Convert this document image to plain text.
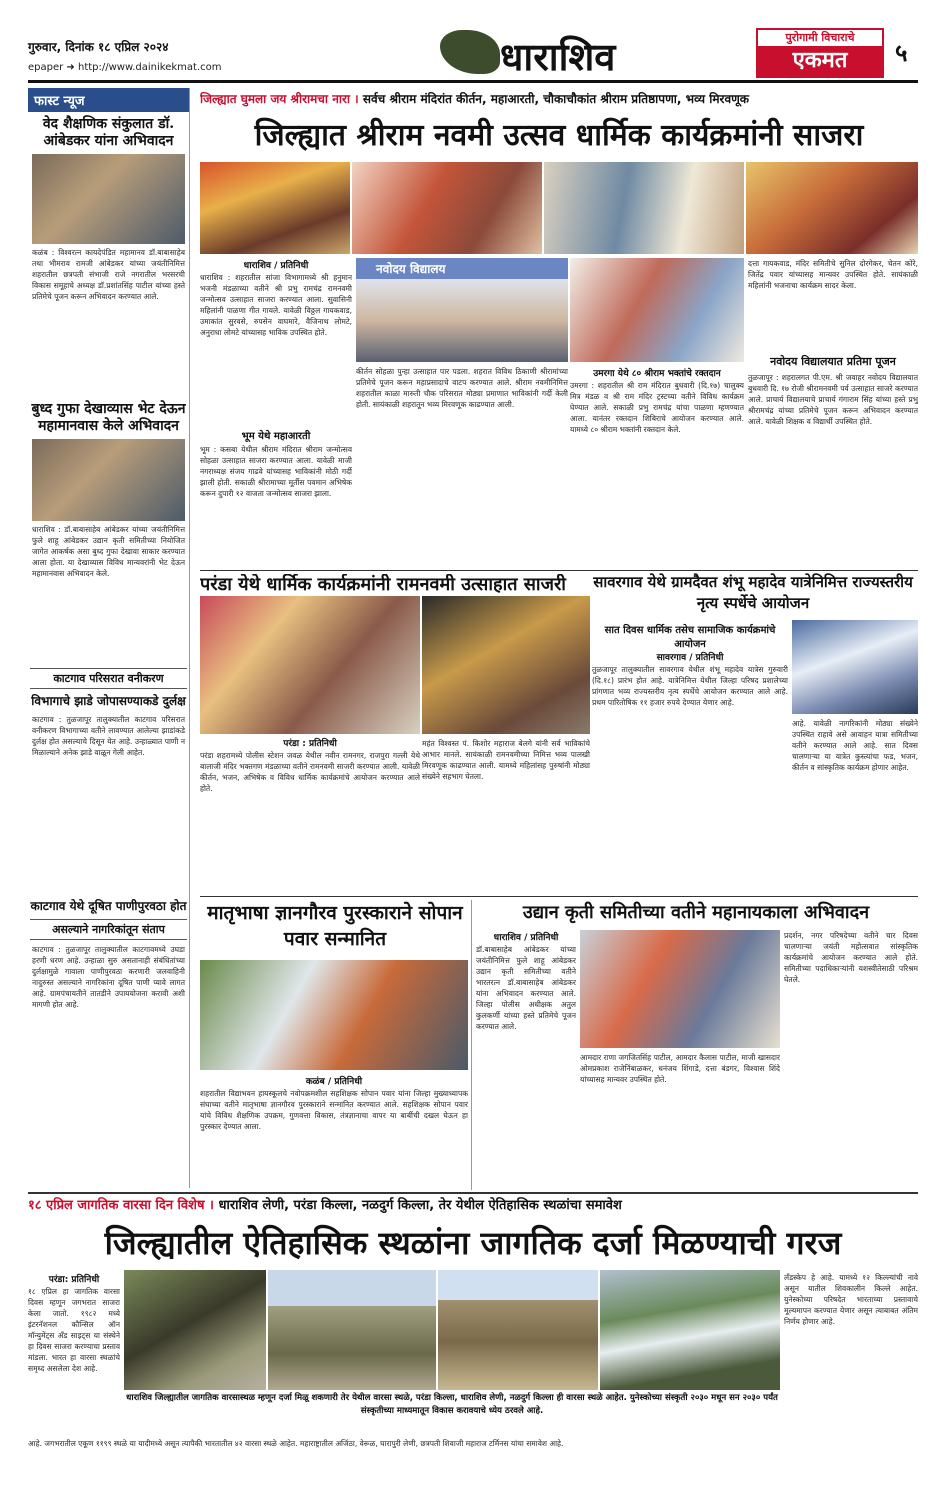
गुरुवार, दिनांक १८ एप्रिल २०२४
epaper ➜ http://www.dainikekmat.com	धाराशिव	पुरोगामी विचाराचे
एकमत	५
फास्ट न्यूज
वेद शैक्षणिक संकुलात डॉ. आंबेडकर यांना अभिवादन
कळंब : विश्वरत्न कायदेपंडित महामानव डॉ.बाबासाहेब तथा भीमराव रामजी आंबेडकर यांच्या जयंतीनिमित्त शहरातील छत्रपती संभाजी राजे नगरातील भरसरची विकास समूहाचे अध्यक्ष डॉ.प्रशांतसिंह पाटील यांच्या हस्ते प्रतिमेचे पूजन करून अभिवादन करण्यात आले.
बुध्द गुफा देखाव्यास भेट देऊन महामानवास केले अभिवादन
धाराशिव : डॉ.बाबासाहेब आंबेडकर यांच्या जयंतीनिमित्त फुले शाहू आंबेडकर उद्यान कृती समितीच्या नियोजित जागेत आकर्षक असा बुध्द गुफा देखावा साकार करण्यात आला होता. या देखाव्यास विविध मान्यवरांनी भेट देऊन महामानवास अभिवादन केले.
काटगाव परिसरात वनीकरण
विभागाचे झाडे जोपासण्याकडे दुर्लक्ष
काटगाव : तुळजापूर तालुक्यातील काटगाव परिसरात वनीकरण विभागाच्या वतीने लावण्यात आलेल्या झाडांकडे दुर्लक्ष होत असल्याचे दिसून येत आहे. उन्हाळ्यात पाणी न मिळाल्याने अनेक झाडे वाळून गेली आहेत.
काटगाव येथे दूषित पाणीपुरवठा होत
असल्याने नागरिकांतून संताप
काटगाव : तुळजापूर तालुक्यातील काटगावमध्ये उघडा हरणी धरण आहे. उन्हाळा सुरु असतानाही संबंधितांच्या दुर्लक्षामुळे गावाला पाणीपुरवठा करणारी जलवाहिनी नादुरुस्त असल्याने नागरिकांना दूषित पाणी प्यावे लागत आहे. ग्रामपंचायतीने तातडीने उपाययोजना करावी अशी मागणी होत आहे.
जिल्ह्यात घुमला जय श्रीरामचा नारा । सर्वच श्रीराम मंदिरांत कीर्तन, महाआरती, चौकाचौकांत श्रीराम प्रतिष्ठापणा, भव्य मिरवणूक
जिल्ह्यात श्रीराम नवमी उत्सव धार्मिक कार्यक्रमांनी साजरा
धाराशिव / प्रतिनिधी
धाराशिव : शहरातील सांजा विभागामध्ये श्री हनुमान भजनी मंडळाच्या वतीने श्री प्रभु रामचंद्र रामनवमी जन्मोत्सव उत्साहात साजरा करण्यात आला. सुवासिनी महिलांनी पाळणा गीत गायले. यावेळी विठ्ठल गायकवाड, उमाकांत सुरवसे, रुपसेन वाघमारे, वैजिनाथ लोमटे, अनुराधा लोमटे यांच्यासह भाविक उपस्थित होते.
भूम येथे महाआरती
भूम : कसबा येथील श्रीराम मंदिरात श्रीराम जन्मोत्सव सोहळा उत्साहात साजरा करण्यात आला. यावेळी माजी नगराध्यक्ष संजय गाढवे यांच्यासह भाविकांनी मोठी गर्दी झाली होती. सकाळी श्रीरामाच्या मूर्तीस पवमान अभिषेक करून दुपारी १२ वाजता जन्मोत्सव साजरा झाला.
नवोदय विद्यालय
कीर्तन सोहळा पुन्हा उत्साहात पार पडला. शहरात विविध ठिकाणी श्रीरामांच्या प्रतिमेचे पूजन करून महाप्रसादाचे वाटप करण्यात आले. श्रीराम नवमीनिमित्त शहरातील काळा मारुती चौक परिसरात मोठ्या प्रमाणात भाविकांनी गर्दी केली होती. सायंकाळी शहरातून भव्य मिरवणूक काढण्यात आली.
उमरगा येथे ८० श्रीराम भक्तांचे रक्तदान
उमरगा : शहरातील श्री राम मंदिरात बुधवारी (दि.१७) चालुक्य मित्र मंडळ व श्री राम मंदिर ट्रस्टच्या वतीने विविध कार्यक्रम घेण्यात आले. सकाळी प्रभु रामचंद्र यांचा पाळणा म्हणण्यात आला. यानंतर रक्तदान शिबिराचे आयोजन करण्यात आले. यामध्ये ८० श्रीराम भक्तांनी रक्तदान केले.
दत्ता गायकवाड, मंदिर समितीचे सुनिल दोरगेकर, चेतन कोरे, जितेंद्र पवार यांच्यासह मान्यवर उपस्थित होते. सायंकाळी महिलांनी भजनाचा कार्यक्रम सादर केला.
नवोदय विद्यालयात प्रतिमा पूजन
तुळजापूर : शहरालगत पी.एम. श्री जवाहर नवोदय विद्यालयात बुधवारी दि. १७ रोजी श्रीरामनवमी पर्व उत्साहात साजरे करण्यात आले. प्राचार्य विद्यालयाचे प्राचार्य गंगाराम सिंह यांच्या हस्ते प्रभु श्रीरामचंद्र यांच्या प्रतिमेचे पूजन करून अभिवादन करण्यात आले. यावेळी शिक्षक व विद्यार्थी उपस्थित होते.
परंडा येथे धार्मिक कार्यक्रमांनी रामनवमी उत्साहात साजरी
परंडा : प्रतिनिधी
परंडा शहरामध्ये पोलीस स्टेशन जवळ येथील नवीन रामनगर, राजपुरा गल्ली येथे बालाजी मंदिर भक्तगण मंडळाच्या वतीने रामनवमी साजरी करण्यात आली. यावेळी कीर्तन, भजन, अभिषेक व विविध धार्मिक कार्यक्रमांचे आयोजन करण्यात आले होते.
महंत विश्वस्त पं. किशोर महाराज बेलगे यांनी सर्व भाविकांचे आभार मानले. सायंकाळी रामनवमीच्या निमित्त भव्य पालखी मिरवणूक काढण्यात आली. यामध्ये महिलांसह पुरुषांनी मोठ्या संख्येने सहभाग घेतला.
सावरगाव येथे ग्रामदैवत शंभू महादेव यात्रेनिमित्त राज्यस्तरीय नृत्य स्पर्धेचे आयोजन
सात दिवस धार्मिक तसेच सामाजिक कार्यक्रमांचे आयोजन
सावरगाव / प्रतिनिधी
तुळजापूर तालुक्यातील सावरगाव येथील शंभू महादेव यात्रेस गुरुवारी (दि.१८) प्रारंभ होत आहे. यात्रेनिमित्त येथील जिल्हा परिषद प्रशालेच्या प्रांगणात भव्य राज्यस्तरीय नृत्य स्पर्धेचे आयोजन करण्यात आले आहे. प्रथम पारितोषिक ११ हजार रुपये देण्यात येणार आहे.
आहे. यावेळी नागरिकांनी मोठ्या संख्येने उपस्थित राहावे असे आवाहन यात्रा समितीच्या वतीने करण्यात आले आहे. सात दिवस चालणाऱ्या या यात्रेत कुस्त्यांचा फड, भजन, कीर्तन व सांस्कृतिक कार्यक्रम होणार आहेत.
मातृभाषा ज्ञानगौरव पुरस्काराने सोपान पवार सन्मानित
कळंब / प्रतिनिधी
शहरातील विद्याभवन हायस्कूलचे नवोपक्रमशील सहशिक्षक सोपान पवार यांना जिल्हा मुख्याध्यापक संघाच्या वतीने मातृभाषा ज्ञानगौरव पुरस्काराने सन्मानित करण्यात आले. सहशिक्षक सोपान पवार यांचे विविध शैक्षणिक उपक्रम, गुणवत्ता विकास, तंत्रज्ञानाचा वापर या बाबींची दखल घेऊन हा पुरस्कार देण्यात आला.
उद्यान कृती समितीच्या वतीने महानायकाला अभिवादन
धाराशिव / प्रतिनिधी
डॉ.बाबासाहेब आंबेडकर यांच्या जयंतीनिमित्त फुले शाहू आंबेडकर उद्यान कृती समितीच्या वतीने भारतरत्न डॉ.बाबासाहेब आंबेडकर यांना अभिवादन करण्यात आले. जिल्हा पोलीस अधीक्षक अतुल कुलकर्णी यांच्या हस्ते प्रतिमेचे पूजन करण्यात आले.
आमदार राणा जगजितसिंह पाटील, आमदार कैलास पाटील, माजी खासदार ओमप्रकाश राजेनिंबाळकर, धनंजय शिंगाडे, दत्ता बंडगर, विश्वास शिंदे यांच्यासह मान्यवर उपस्थित होते.
प्रदर्शन, नगर परिषदेच्या वतीने चार दिवस चालणाऱ्या जयंती महोत्सवात सांस्कृतिक कार्यक्रमांचे आयोजन करण्यात आले होते. समितीच्या पदाधिकाऱ्यांनी यशस्वीतेसाठी परिश्रम घेतले.
१८ एप्रिल जागतिक वारसा दिन विशेष । धाराशिव लेणी, परंडा किल्ला, नळदुर्ग किल्ला, तेर येथील ऐतिहासिक स्थळांचा समावेश
जिल्ह्यातील ऐतिहासिक स्थळांना जागतिक दर्जा मिळण्याची गरज
परंडा: प्रतिनिधी
१८ एप्रिल हा जागतिक वारसा दिवस म्हणून जगभरात साजरा केला जातो. १९८२ मध्ये इंटरनॅशनल कौन्सिल ऑन मॉन्युमेंट्स अँड साइट्स या संस्थेने हा दिवस साजरा करण्याचा प्रस्ताव मांडला. भारत हा वारसा स्थळांचे समृध्द असलेला देश आहे.
लँडस्केप हे आहे. यामध्ये १२ किल्ल्यांची नावे असून यातील शिवकालीन किल्ले आहेत. युनेस्कोच्या परिषदेत भारताच्या प्रस्तावाचे मूल्यमापन करण्यात येणार असून त्याबाबत अंतिम निर्णय होणार आहे.
धाराशिव जिल्ह्यातील जागतिक वारसास्थळ म्हणून दर्जा मिळू शकणारी तेर येथील वारसा स्थळे, परंडा किल्ला, धाराशिव लेणी, नळदुर्ग किल्ला ही वारसा स्थळे आहेत. युनेस्कोच्या संस्कृती २०३० मधून सन २०३० पर्यंत संस्कृतीच्या माध्यमातून विकास करावयाचे ध्येय ठरवले आहे.
आहे. जगभरातील एकूण ११९९ स्थळे या यादीमध्ये असून त्यापैकी भारतातील ४२ वारसा स्थळे आहेत. महाराष्ट्रातील अजिंठा, वेरूळ, घारापुरी लेणी, छत्रपती शिवाजी महाराज टर्मिनस यांचा समावेश आहे.
